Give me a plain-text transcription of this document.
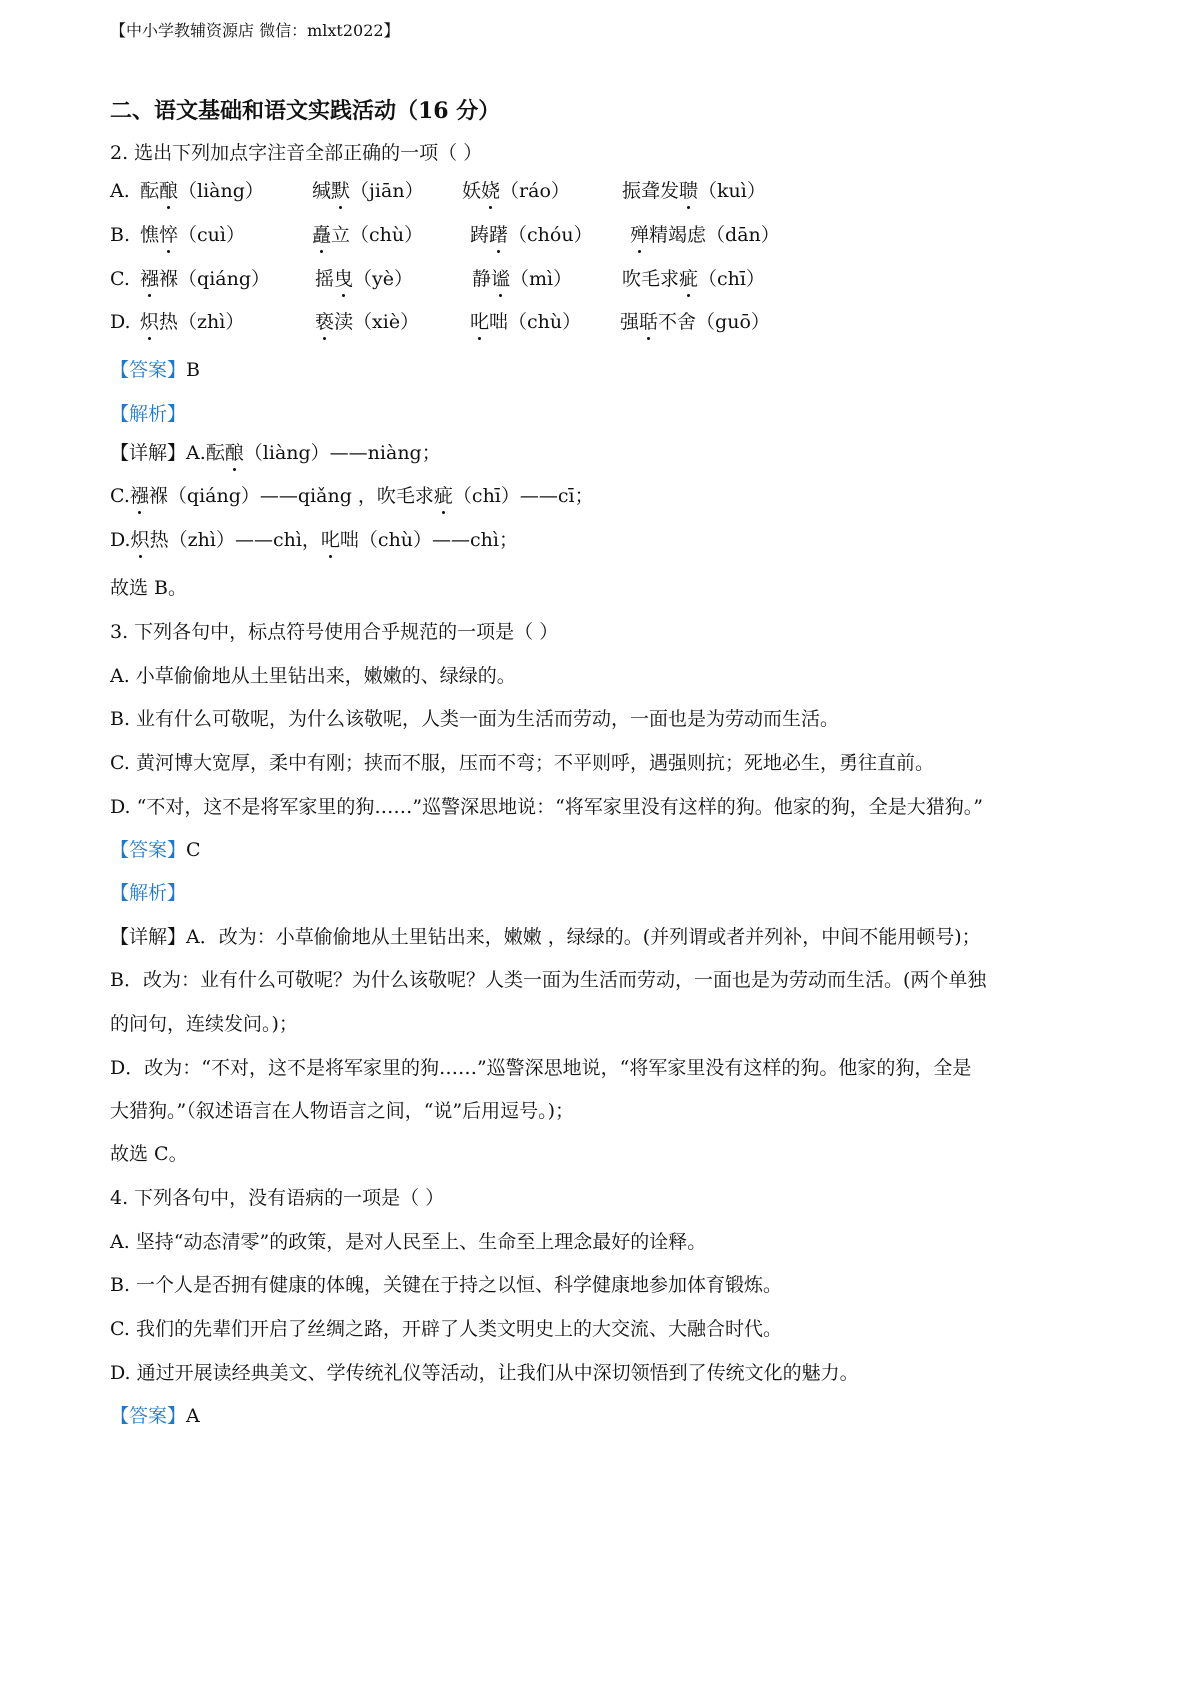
【中小学教辅资源店 微信：mlxt2022】
二、语文基础和语文实践活动（16 分）
2. 选出下列加点字注音全部正确的一项（ ）
A. 酝酿（liàng）	缄默（jiān） 妖娆（ráo）	振聋发聩（kuì）
B. 憔悴（cuì）	矗立（chù） 踌躇（chóu） 殚精竭虑（dān）
C. 襁褓（qiáng） 摇曳（yè）	静谧（mì）	吹毛求疵（chī）
D. 炽热（zhì）	亵渎（xiè）	叱咄（chù） 强聒不舍（guō）
【答案】B
【解析】
【详解】A.酝酿（liàng）——niàng；
C.襁褓（qiáng）——qiǎng ，吹毛求疵（chī）——cī；
D.炽热（zhì）——chì，叱咄（chù）——chì；
故选 B。
3. 下列各句中，标点符号使用合乎规范的一项是（ ）
A. 小草偷偷地从土里钻出来，嫩嫩的、绿绿的。
B. 业有什么可敬呢，为什么该敬呢，人类一面为生活而劳动，一面也是为劳动而生活。
C. 黄河博大宽厚，柔中有刚；挟而不服，压而不弯；不平则呼，遇强则抗；死地必生，勇往直前。
D. “不对，这不是将军家里的狗……”巡警深思地说：“将军家里没有这样的狗。他家的狗，全是大猎狗。”
【答案】C
【解析】
【详解】A．改为：小草偷偷地从土里钻出来，嫩嫩 ，绿绿的。(并列谓或者并列补，中间不能用顿号)；
B．改为：业有什么可敬呢？为什么该敬呢？人类一面为生活而劳动，一面也是为劳动而生活。(两个单独
的问句，连续发问。)；
D．改为：“不对，这不是将军家里的狗……”巡警深思地说，“将军家里没有这样的狗。他家的狗，全是
大猎狗。”（叙述语言在人物语言之间，“说”后用逗号。)；
故选 C。
4. 下列各句中，没有语病的一项是（ ）
A. 坚持“动态清零”的政策，是对人民至上、生命至上理念最好的诠释。
B. 一个人是否拥有健康的体魄，关键在于持之以恒、科学健康地参加体育锻炼。
C. 我们的先辈们开启了丝绸之路，开辟了人类文明史上的大交流、大融合时代。
D. 通过开展读经典美文、学传统礼仪等活动，让我们从中深切领悟到了传统文化的魅力。
【答案】A
